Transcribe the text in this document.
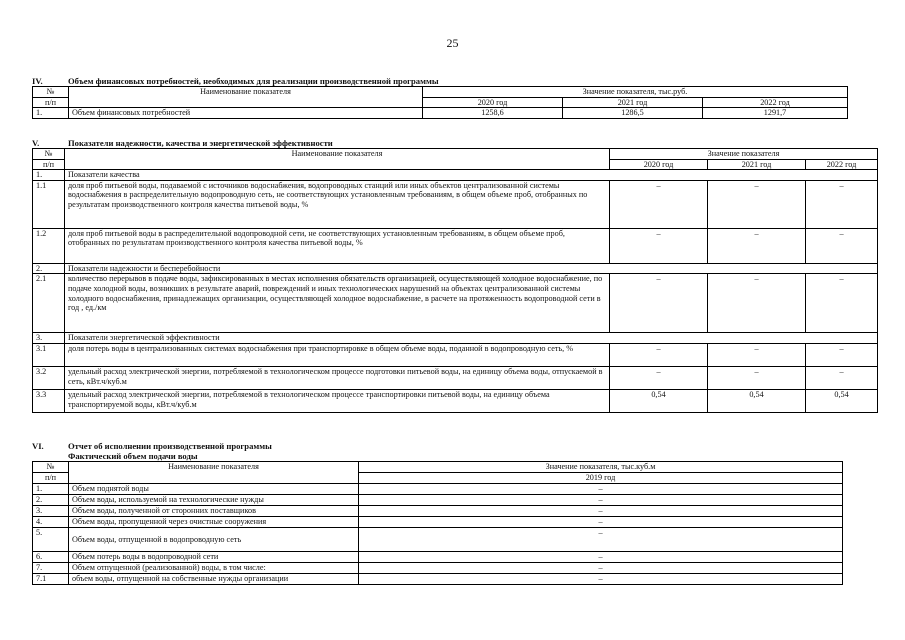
25
IV.	Объем финансовых потребностей, необходимых для реализации производственной программы
№	Наименование показателя	Значение показателя, тыс.руб.		
п/п		2020 год	2021 год	2022 год
1.	Объем финансовых потребностей	1258,6	1286,5	1291,7
V.	Показатели надежности, качества и энергетической эффективности
№	Наименование показателя	Значение показателя		
п/п		2020 год	2021 год	2022 год
1.	Показатели качества			
1.1	доля проб питьевой воды, подаваемой с источников водоснабжения, водопроводных станций или иных объектов централизованной системы водоснабжения в распределительную водопроводную сеть, не соответствующих установленным требованиям, в общем объеме проб, отобранных по результатам производственного контроля качества питьевой воды, %	–	–	–
1.2	доля проб питьевой воды в распределительной водопроводной сети, не соответствующих установленным требованиям, в общем объеме проб, отобранных по результатам производственного контроля качества питьевой воды, %	–	–	–
2.	Показатели надежности и бесперебойности			
2.1	количество перерывов в подаче воды, зафиксированных в местах исполнения обязательств организацией, осуществляющей холодное водоснабжение, по подаче холодной воды, возникших в результате аварий, повреждений и иных технологических нарушений на объектах централизованной системы холодного водоснабжения, принадлежащих организации, осуществляющей холодное водоснабжение, в расчете на протяженность водопроводной сети в год , ед./км	–	–	–
3.	Показатели энергетической эффективности			
3.1	доля потерь воды в централизованных системах водоснабжения при транспортировке в общем объеме воды, поданной в водопроводную сеть, %	–	–	–
3.2	удельный расход электрической энергии, потребляемой в технологическом процессе подготовки питьевой воды, на единицу объема воды, отпускаемой в сеть, кВт.ч/куб.м	–	–	–
3.3	удельный расход электрической энергии, потребляемой в технологическом процессе транспортировки питьевой воды, на единицу объема транспортируемой воды, кВт.ч/куб.м	0,54	0,54	0,54
VI.	Отчет об исполнении производственной программы
Фактический объем подачи воды
№	Наименование показателя	Значение показателя, тыс.куб.м
п/п		2019 год
1.	Объем поднятой воды	–
2.	Объем воды, используемой на технологические нужды	–
3.	Объем воды, полученной от сторонних поставщиков	–
4.	Объем воды, пропущенной через очистные сооружения	–
5.	Объем воды, отпущенной в водопроводную сеть	–
6.	Объем потерь воды в водопроводной сети	–
7.	Объем отпущенной (реализованной) воды, в том числе:	–
7.1	объем воды, отпущенной на собственные нужды организации	–
